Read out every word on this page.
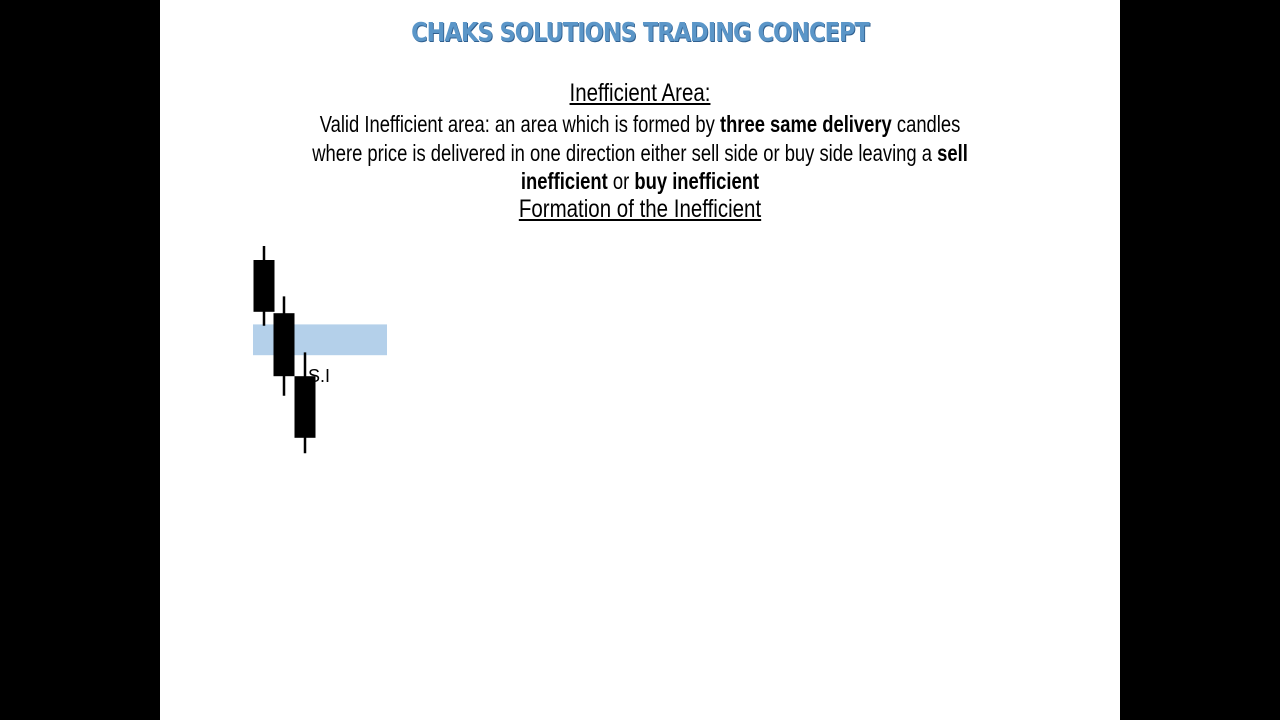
CHAKS SOLUTIONS TRADING CONCEPT
Inefficient Area:
Valid Inefficient area: an area which is formed by three same delivery candles where price is delivered in one direction either sell side or buy side leaving a sell inefficient or buy inefficient
Formation of the Inefficient
S.I
